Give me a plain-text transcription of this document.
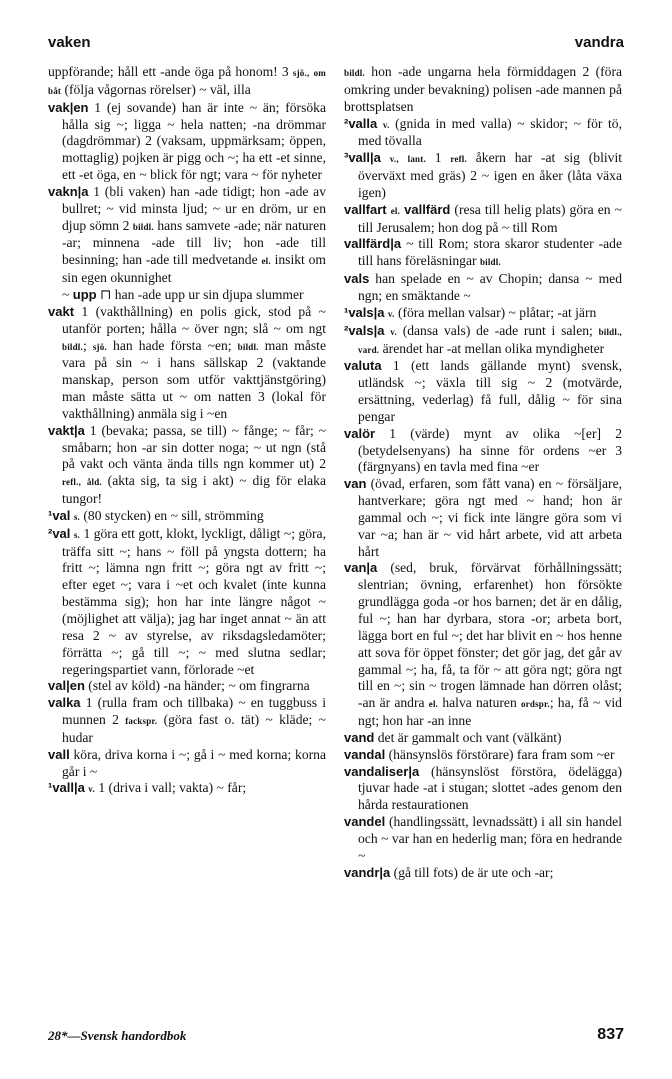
vaken	vandra

uppförande; håll ett -ande öga på honom! 3 sjö., om båt (följa vågornas rörelser) ~ väl, illa

vak|en 1 (ej sovande) han är inte ~ än; försöka hålla sig ~; ligga ~ hela natten; -na drömmar (dagdrömmar) 2 (vaksam, uppmärksam; öppen, mottaglig) pojken är pigg och ~; ha ett -et sinne, ett -et öga, en ~ blick för ngt; vara ~ för nyheter

vakn|a 1 (bli vaken) han -ade tidigt; hon -ade av bullret; ~ vid minsta ljud; ~ ur en dröm, ur en djup sömn 2 bildl. hans samvete -ade; när naturen -ar; minnena -ade till liv; hon -ade till besinning; han -ade till medvetande el. insikt om sin egen okunnighet

~ upp ⊓ han -ade upp ur sin djupa slummer

vakt 1 (vakthållning) en polis gick, stod på ~ utanför porten; hålla ~ över ngn; slå ~ om ngt bildl.; sjö. han hade första ~en; bildl. man måste vara på sin ~ i hans sällskap 2 (vaktande manskap, person som utför vakttjänstgöring) man måste sätta ut ~ om natten 3 (lokal för vakthållning) anmäla sig i ~en

vakt|a 1 (bevaka; passa, se till) ~ fånge; ~ får; ~ småbarn; hon -ar sin dotter noga; ~ ut ngn (stå på vakt och vänta ända tills ngn kommer ut) 2 refl., åld. (akta sig, ta sig i akt) ~ dig för elaka tungor!

¹val s. (80 stycken) en ~ sill, strömming

²val s. 1 göra ett gott, klokt, lyckligt, dåligt ~; göra, träffa sitt ~; hans ~ föll på yngsta dottern; ha fritt ~; lämna ngn fritt ~; göra ngt av fritt ~; efter eget ~; vara i ~et och kvalet (inte kunna bestämma sig); hon har inte längre något ~ (möjlighet att välja); jag har inget annat ~ än att resa 2 ~ av styrelse, av riksdagsledamöter; förrätta ~; gå till ~; ~ med slutna sedlar; regeringspartiet vann, förlorade ~et

val|en (stel av köld) -na händer; ~ om fingrarna

valka 1 (rulla fram och tillbaka) ~ en tuggbuss i munnen 2 fackspr. (göra fast o. tät) ~ kläde; ~ hudar

vall köra, driva korna i ~; gå i ~ med korna; korna går i ~

¹vall|a v. 1 (driva i vall; vakta) ~ får;

bildl. hon -ade ungarna hela förmiddagen 2 (föra omkring under bevakning) polisen -ade mannen på brottsplatsen

²valla v. (gnida in med valla) ~ skidor; ~ för tö, med tövalla

³vall|a v., lant. 1 refl. åkern har -at sig (blivit överväxt med gräs) 2 ~ igen en åker (låta växa igen)

vallfart el. vallfärd (resa till helig plats) göra en ~ till Jerusalem; hon dog på ~ till Rom

vallfärd|a ~ till Rom; stora skaror studenter -ade till hans föreläsningar bildl.

vals han spelade en ~ av Chopin; dansa ~ med ngn; en smäktande ~

¹vals|a v. (föra mellan valsar) ~ plåtar; -at järn

²vals|a v. (dansa vals) de -ade runt i salen; bildl., vard. ärendet har -at mellan olika myndigheter

valuta 1 (ett lands gällande mynt) svensk, utländsk ~; växla till sig ~ 2 (motvärde, ersättning, vederlag) få full, dålig ~ för sina pengar

valör 1 (värde) mynt av olika ~[er] 2 (betydelsenyans) ha sinne för ordens ~er 3 (färgnyans) en tavla med fina ~er

van (övad, erfaren, som fått vana) en ~ försäljare, hantverkare; göra ngt med ~ hand; hon är gammal och ~; vi fick inte längre göra som vi var ~a; han är ~ vid hårt arbete, vid att arbeta hårt

van|a (sed, bruk, förvärvat förhållningssätt; slentrian; övning, erfarenhet) hon försökte grundlägga goda -or hos barnen; det är en dålig, ful ~; han har dyrbara, stora -or; arbeta bort, lägga bort en ful ~; det har blivit en ~ hos henne att sova för öppet fönster; det gör jag, det går av gammal ~; ha, få, ta för ~ att göra ngt; göra ngt till en ~; sin ~ trogen lämnade han dörren olåst; -an är andra el. halva naturen ordspr.; ha, få ~ vid ngt; hon har -an inne

vand det är gammalt och vant (välkänt)

vandal (hänsynslös förstörare) fara fram som ~er

vandaliser|a (hänsynslöst förstöra, ödelägga) tjuvar hade -at i stugan; slottet -ades genom den hårda restaurationen

vandel (handlingssätt, levnadssätt) i all sin handel och ~ var han en hederlig man; föra en hedrande ~

vandr|a (gå till fots) de är ute och -ar;

28*—Svensk handordbok	837
